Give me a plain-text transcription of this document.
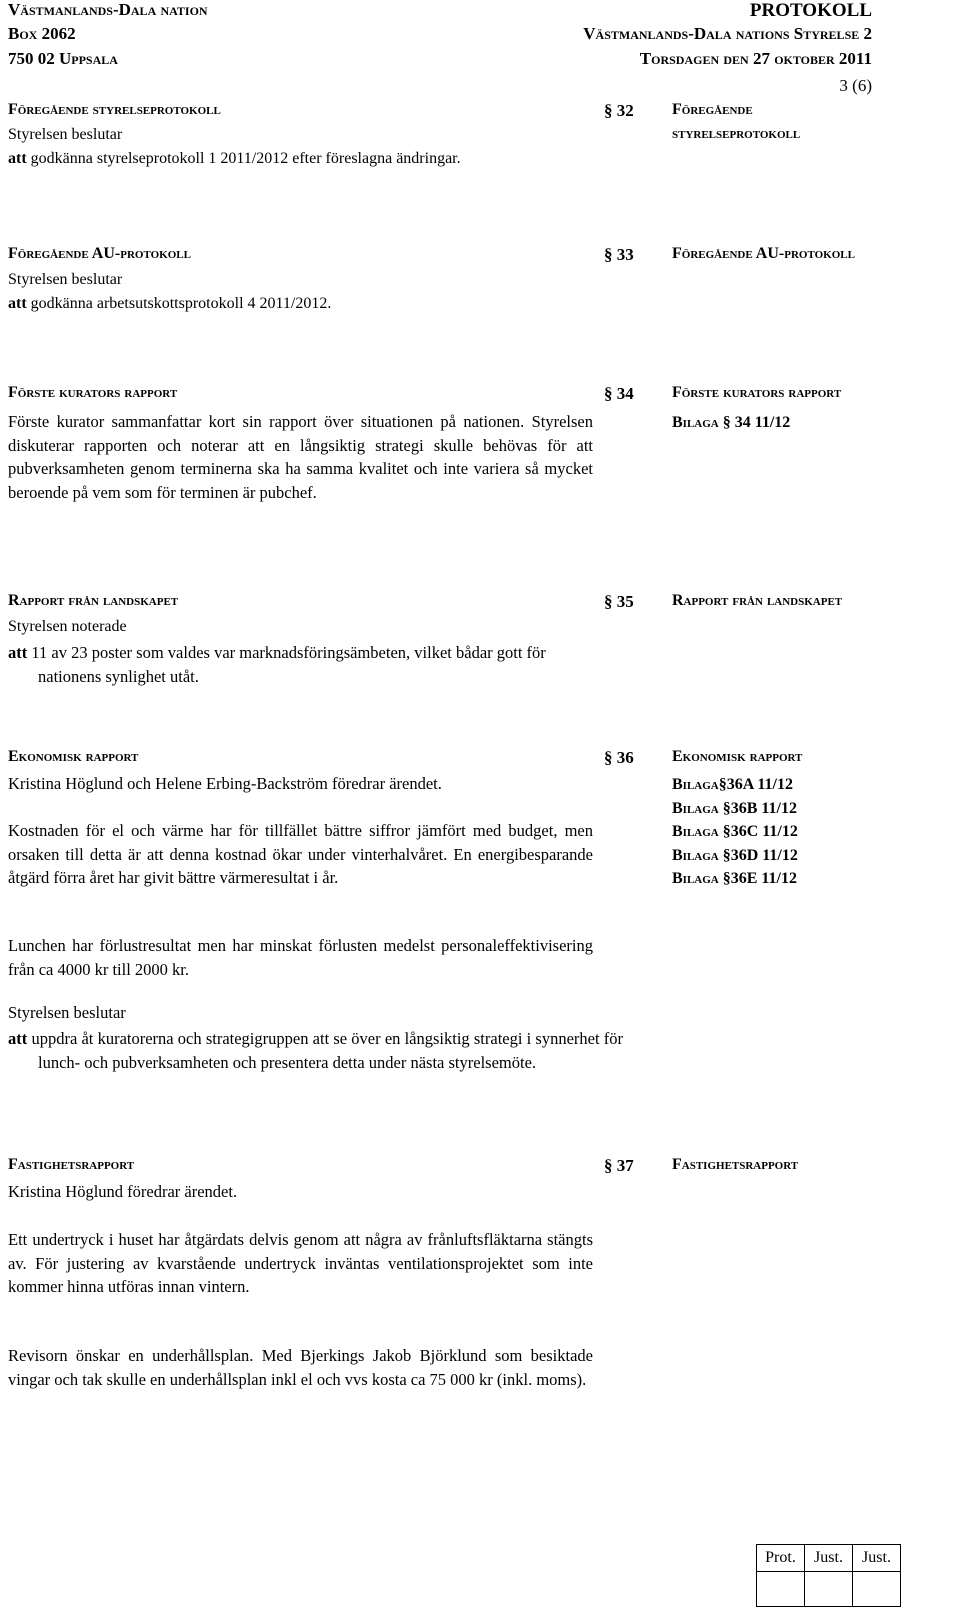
Västmanlands-Dala nation
Box 2062
750 02 Uppsala
PROTOKOLL
Västmanlands-Dala nations Styrelse 2
Torsdagen den 27 oktober 2011
3 (6)
Föregående styrelseprotokoll	§ 32 Föregående
styrelseprotokoll
Styrelsen beslutar
att godkänna styrelseprotokoll 1 2011/2012 efter föreslagna ändringar.
Föregående AU-protokoll	§ 33 Föregående AU-protokoll
Styrelsen beslutar
att godkänna arbetsutskottsprotokoll 4 2011/2012.
Förste kurators rapport	§ 34 Förste kurators rapport
Bilaga § 34 11/12
Förste kurator sammanfattar kort sin rapport över situationen på nationen. Styrelsen diskuterar rapporten och noterar att en långsiktig strategi skulle behövas för att pubverksamheten genom terminerna ska ha samma kvalitet och inte variera så mycket beroende på vem som för terminen är pubchef.
Rapport från landskapet	§ 35 Rapport från landskapet
Styrelsen noterade
att 11 av 23 poster som valdes var marknadsföringsämbeten, vilket bådar gott för nationens synlighet utåt.
Ekonomisk rapport	§ 36 Ekonomisk rapport
Bilaga§36A 11/12
Bilaga §36B 11/12
Bilaga §36C 11/12
Bilaga §36D 11/12
Bilaga §36E 11/12
Kristina Höglund och Helene Erbing-Backström föredrar ärendet.
Kostnaden för el och värme har för tillfället bättre siffror jämfört med budget, men orsaken till detta är att denna kostnad ökar under vinterhalvåret. En energibesparande åtgärd förra året har givit bättre värmeresultat i år.
Lunchen har förlustresultat men har minskat förlusten medelst personaleffektivisering från ca 4000 kr till 2000 kr.
Styrelsen beslutar
att uppdra åt kuratorerna och strategigruppen att se över en långsiktig strategi i synnerhet för lunch- och pubverksamheten och presentera detta under nästa styrelsemöte.
Fastighetsrapport	§ 37 Fastighetsrapport
Kristina Höglund föredrar ärendet.
Ett undertryck i huset har åtgärdats delvis genom att några av frånluftsfläktarna stängts av. För justering av kvarstående undertryck inväntas ventilationsprojektet som inte kommer hinna utföras innan vintern.
Revisorn önskar en underhållsplan. Med Bjerkings Jakob Björklund som besiktade vingar och tak skulle en underhållsplan inkl el och vvs kosta ca 75 000 kr (inkl. moms).
Prot.	Just.	Just.
